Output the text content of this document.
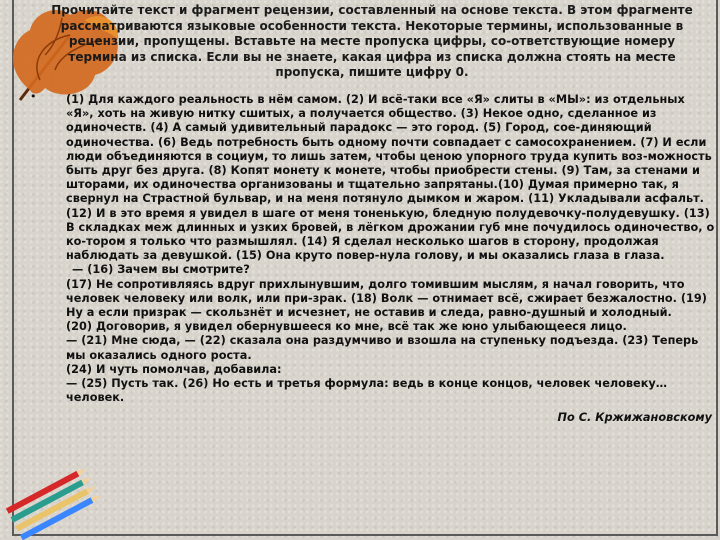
Прочитайте текст и фрагмент рецензии, составленный на основе текста. В этом фрагменте рассматриваются языковые особенности текста. Некоторые термины, использованные в рецензии, пропущены. Вставьте на месте пропуска цифры, со-ответствующие номеру термина из списка. Если вы не знаете, какая цифра из списка должна стоять на месте пропуска, пишите цифру 0.
•	(1) Для каждого реальность в нём самом. (2) И всё-таки все «Я» слиты в «МЫ»: из отдельных «Я», хоть на живую нитку сшитых, а получается общество. (3) Некое одно, сделанное из одиночеств. (4) А самый удивительный парадокс — это город. (5) Город, сое-диняющий одиночества. (6) Ведь потребность быть одному почти совпадает с самосохранением. (7) И если люди объединяются в социум, то лишь затем, чтобы ценою упорного труда купить воз-можность быть друг без друга. (8) Копят монету к монете, чтобы приобрести стены. (9) Там, за стенами и шторами, их одиночества организованы и тщательно запрятаны.(10) Думая примерно так, я свернул на Страстной бульвар, и на меня потянуло дымком и жаром. (11) Укладывали асфальт. (12) И в это время я увидел в шаге от меня тоненькую, бледную полудевочку-полудевушку. (13) В складках меж длинных и узких бровей, в лёгком дрожании губ мне почудилось одиночество, о ко-тором я только что размышлял. (14) Я сделал несколько шагов в сторону, продолжая наблюдать за девушкой. (15) Она круто повер-нула голову, и мы оказались глаза в глаза.

— (16) Зачем вы смотрите?

(17) Не сопротивляясь вдруг прихлынувшим, долго томившим мыслям, я начал говорить, что человек человеку или волк, или при-зрак. (18) Волк — отнимает всё, сжирает безжалостно. (19) Ну а если призрак — скользнёт и исчезнет, не оставив и следа, равно-душный и холодный.

(20) Договорив, я увидел обернувшееся ко мне, всё так же юно улыбающееся лицо.

— (21) Мне сюда, — (22) сказала она раздумчиво и взошла на ступеньку подъезда. (23) Теперь мы оказались одного роста.

(24) И чуть помолчав, добавила:

— (25) Пусть так. (26) Но есть и третья формула: ведь в конце концов, человек человеку… человек.

По С. Кржижановскому
